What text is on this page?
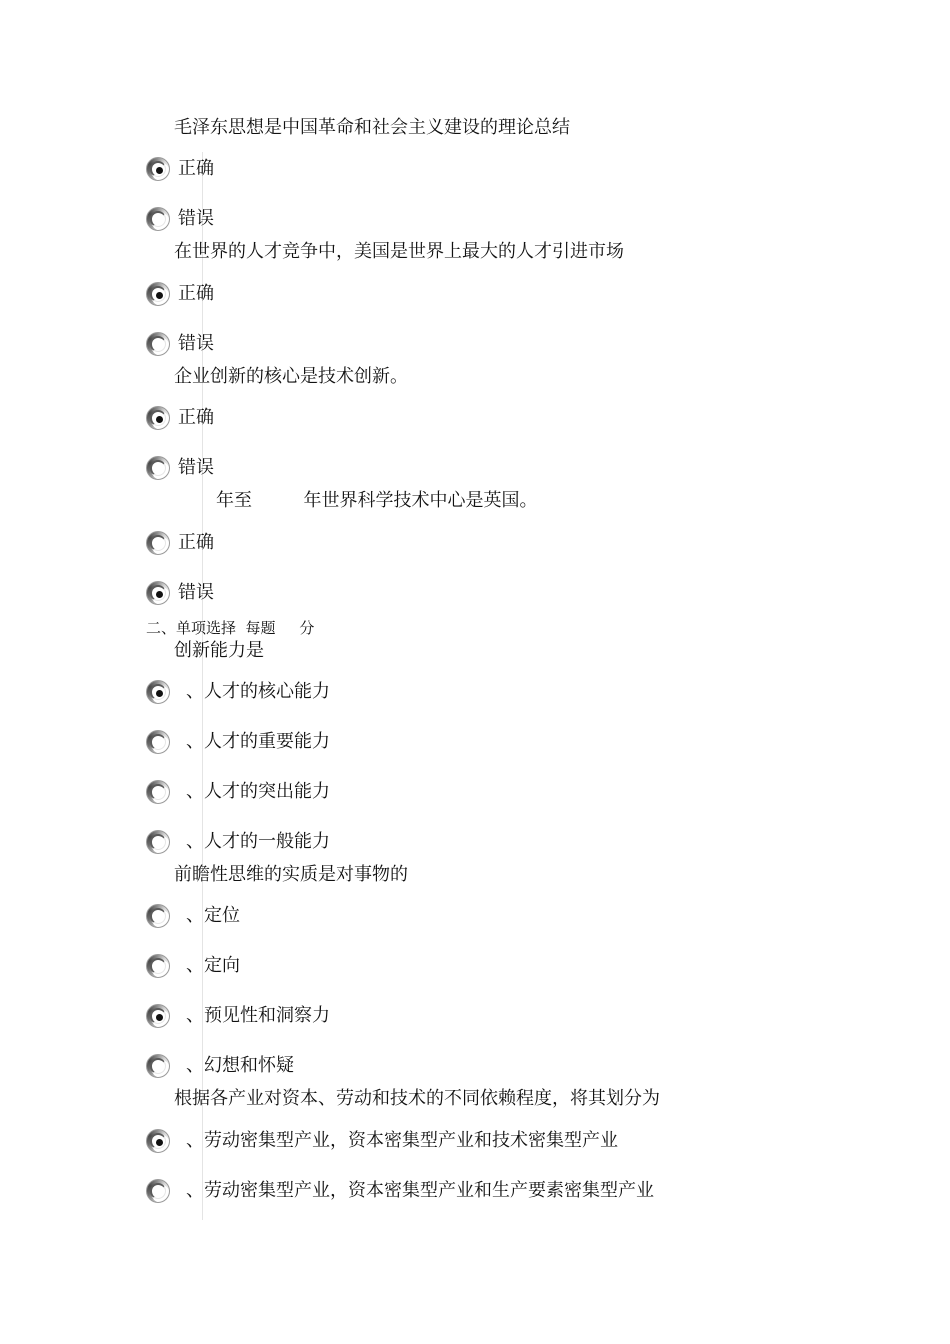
毛泽东思想是中国革命和社会主义建设的理论总结
正确
错误
在世界的人才竞争中，美国是世界上最大的人才引进市场
正确
错误
企业创新的核心是技术创新。
正确
错误
年至         年世界科学技术中心是英国。
正确
错误
二、单项选择  每题     分
创新能力是
、人才的核心能力
、人才的重要能力
、人才的突出能力
、人才的一般能力
前瞻性思维的实质是对事物的
、定位
、定向
、预见性和洞察力
、幻想和怀疑
根据各产业对资本、劳动和技术的不同依赖程度，将其划分为
、劳动密集型产业，资本密集型产业和技术密集型产业
、劳动密集型产业，资本密集型产业和生产要素密集型产业
